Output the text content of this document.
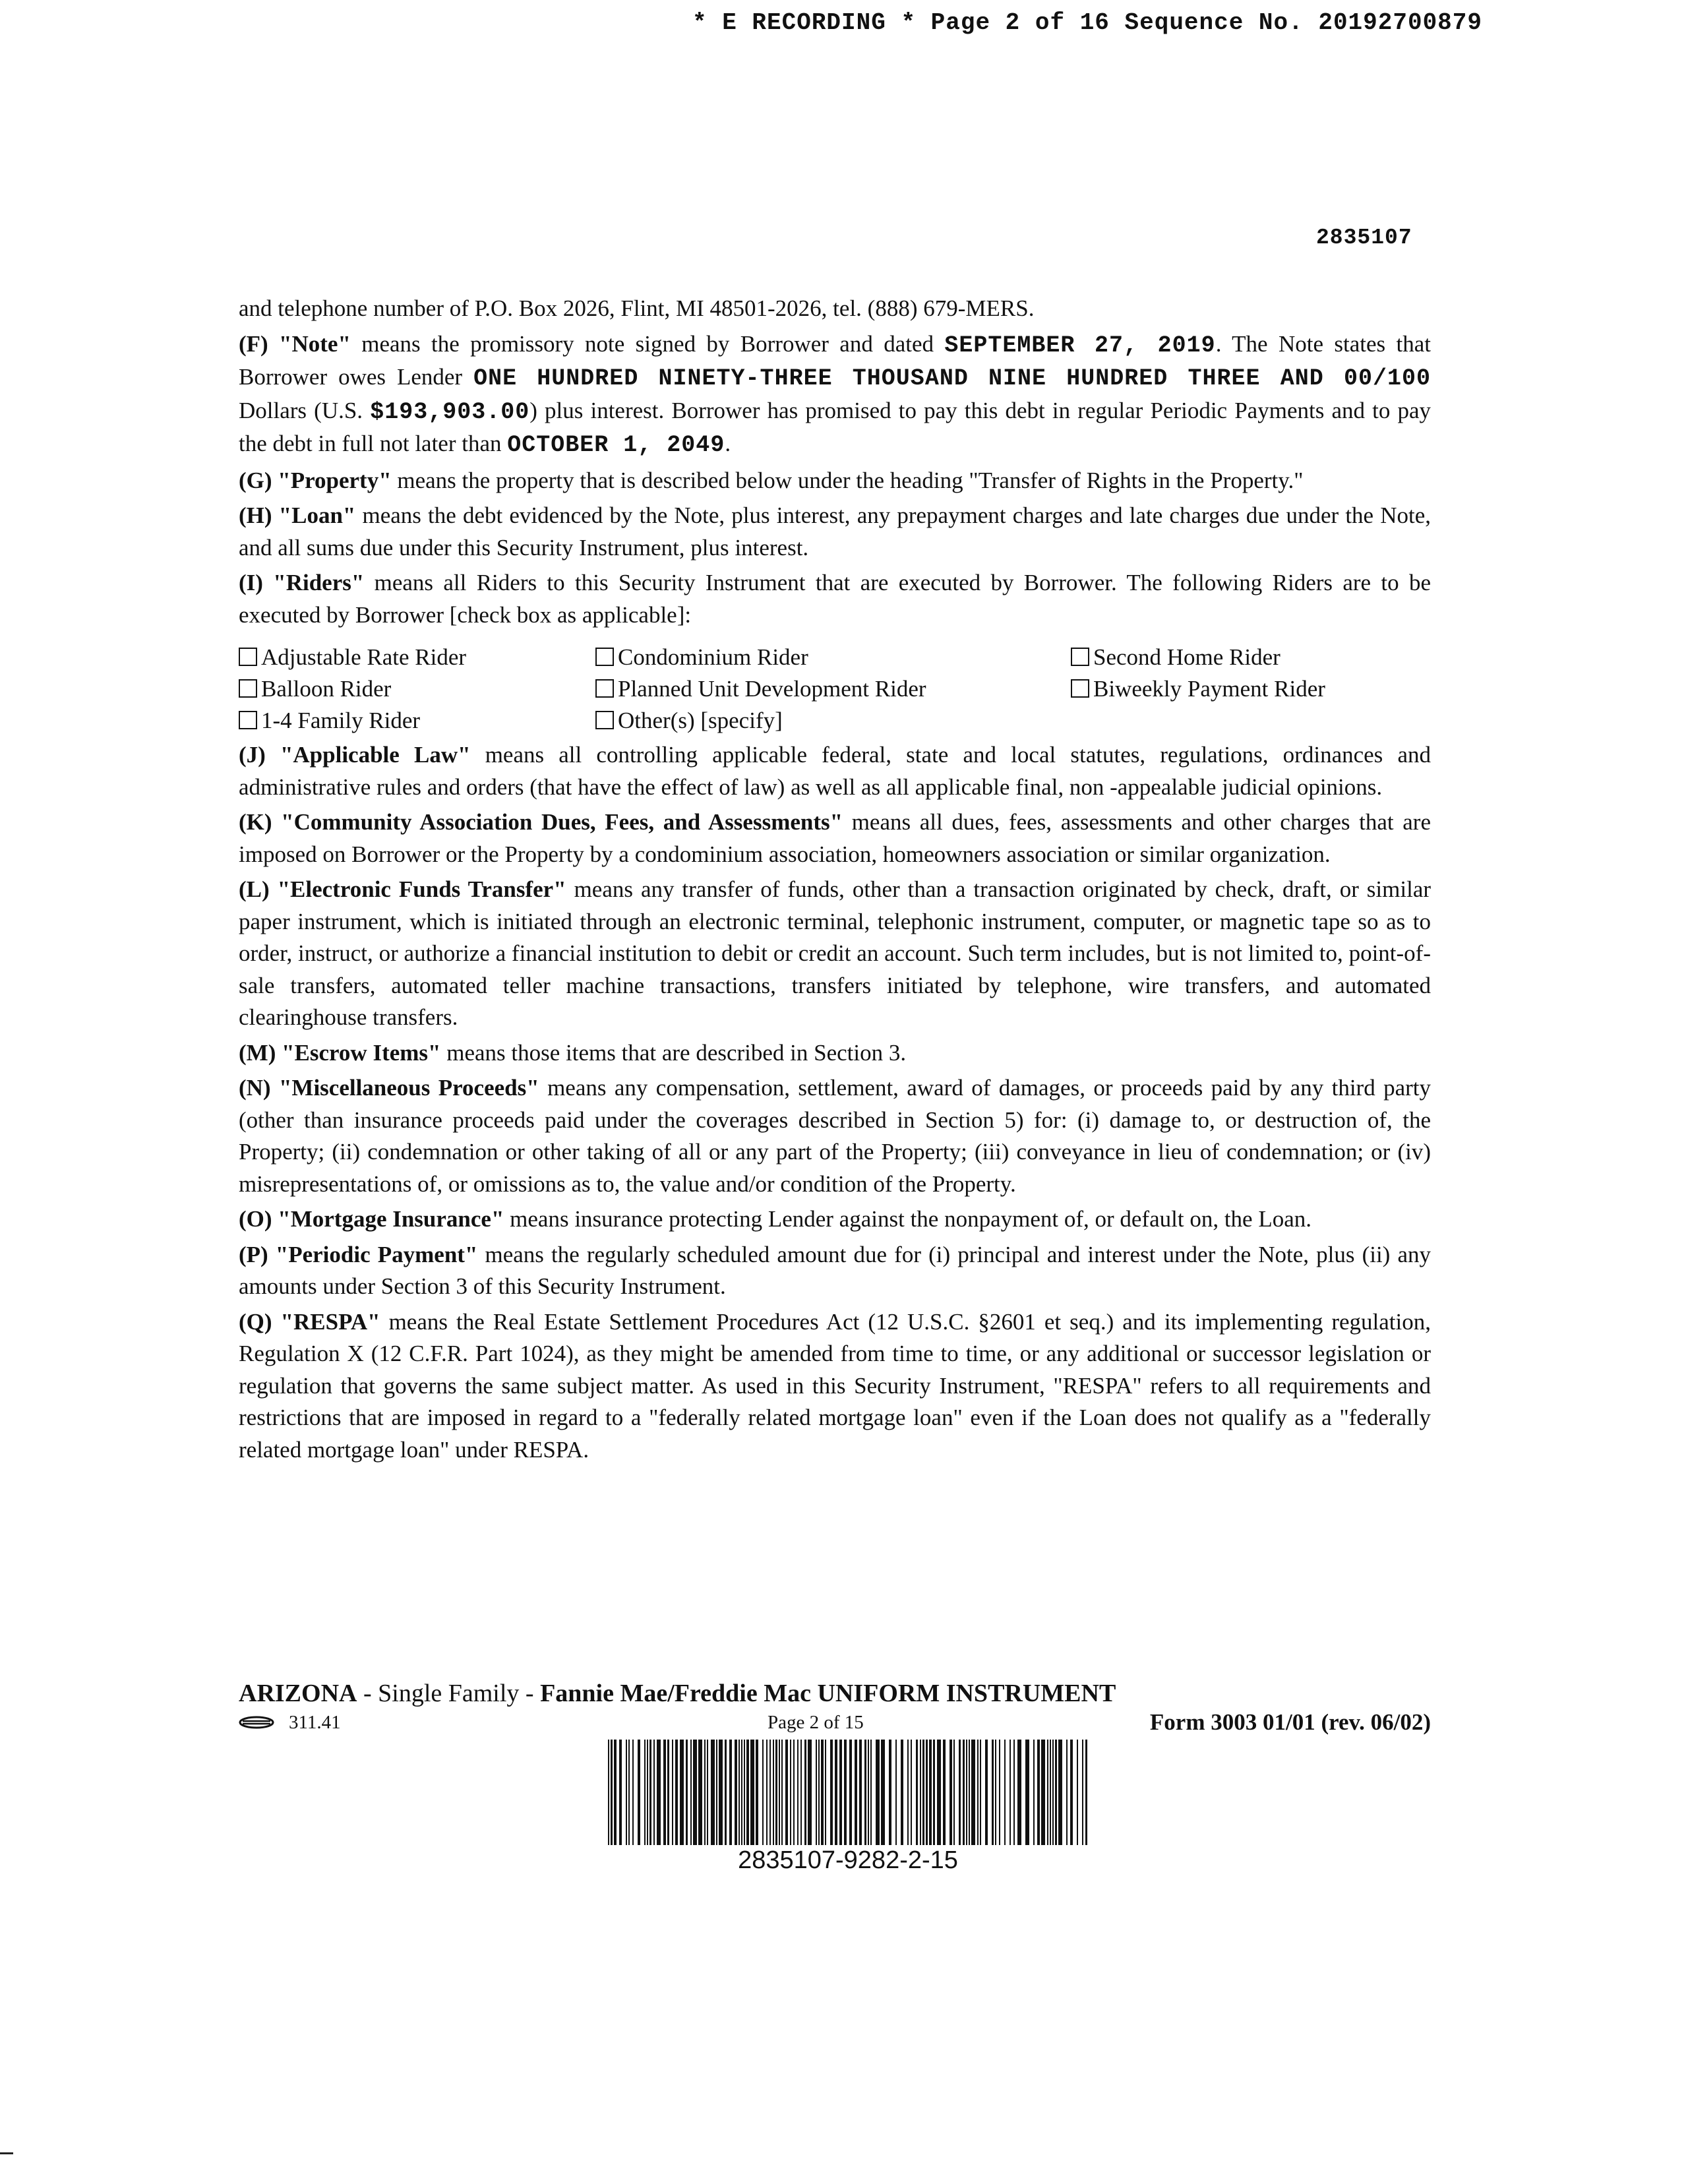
* E RECORDING * Page 2 of 16 Sequence No. 20192700879
2835107

and telephone number of P.O. Box 2026, Flint, MI 48501-2026, tel. (888) 679-MERS.

(F) "Note" means the promissory note signed by Borrower and dated SEPTEMBER 27, 2019. The Note states that Borrower owes Lender ONE HUNDRED NINETY-THREE THOUSAND NINE HUNDRED THREE AND 00/100 Dollars (U.S. $193,903.00) plus interest. Borrower has promised to pay this debt in regular Periodic Payments and to pay the debt in full not later than OCTOBER 1, 2049.

(G) "Property" means the property that is described below under the heading "Transfer of Rights in the Property."

(H) "Loan" means the debt evidenced by the Note, plus interest, any prepayment charges and late charges due under the Note, and all sums due under this Security Instrument, plus interest.

(I) "Riders" means all Riders to this Security Instrument that are executed by Borrower. The following Riders are to be executed by Borrower [check box as applicable]:

Adjustable Rate Rider	Condominium Rider	Second Home Rider
Balloon Rider	Planned Unit Development Rider	Biweekly Payment Rider
1-4 Family Rider	Other(s) [specify]

(J) "Applicable Law" means all controlling applicable federal, state and local statutes, regulations, ordinances and administrative rules and orders (that have the effect of law) as well as all applicable final, non -appealable judicial opinions.

(K) "Community Association Dues, Fees, and Assessments" means all dues, fees, assessments and other charges that are imposed on Borrower or the Property by a condominium association, homeowners association or similar organization.

(L) "Electronic Funds Transfer" means any transfer of funds, other than a transaction originated by check, draft, or similar paper instrument, which is initiated through an electronic terminal, telephonic instrument, computer, or magnetic tape so as to order, instruct, or authorize a financial institution to debit or credit an account. Such term includes, but is not limited to, point-of-sale transfers, automated teller machine transactions, transfers initiated by telephone, wire transfers, and automated clearinghouse transfers.

(M) "Escrow Items" means those items that are described in Section 3.

(N) "Miscellaneous Proceeds" means any compensation, settlement, award of damages, or proceeds paid by any third party (other than insurance proceeds paid under the coverages described in Section 5) for: (i) damage to, or destruction of, the Property; (ii) condemnation or other taking of all or any part of the Property; (iii) conveyance in lieu of condemnation; or (iv) misrepresentations of, or omissions as to, the value and/or condition of the Property.

(O) "Mortgage Insurance" means insurance protecting Lender against the nonpayment of, or default on, the Loan.

(P) "Periodic Payment" means the regularly scheduled amount due for (i) principal and interest under the Note, plus (ii) any amounts under Section 3 of this Security Instrument.

(Q) "RESPA" means the Real Estate Settlement Procedures Act (12 U.S.C. §2601 et seq.) and its implementing regulation, Regulation X (12 C.F.R. Part 1024), as they might be amended from time to time, or any additional or successor legislation or regulation that governs the same subject matter. As used in this Security Instrument, "RESPA" refers to all requirements and restrictions that are imposed in regard to a "federally related mortgage loan" even if the Loan does not qualify as a "federally related mortgage loan" under RESPA.

ARIZONA - Single Family - Fannie Mae/Freddie Mac UNIFORM INSTRUMENT
311.41	Page 2 of 15	Form 3003 01/01 (rev. 06/02)
2835107-9282-2-15
